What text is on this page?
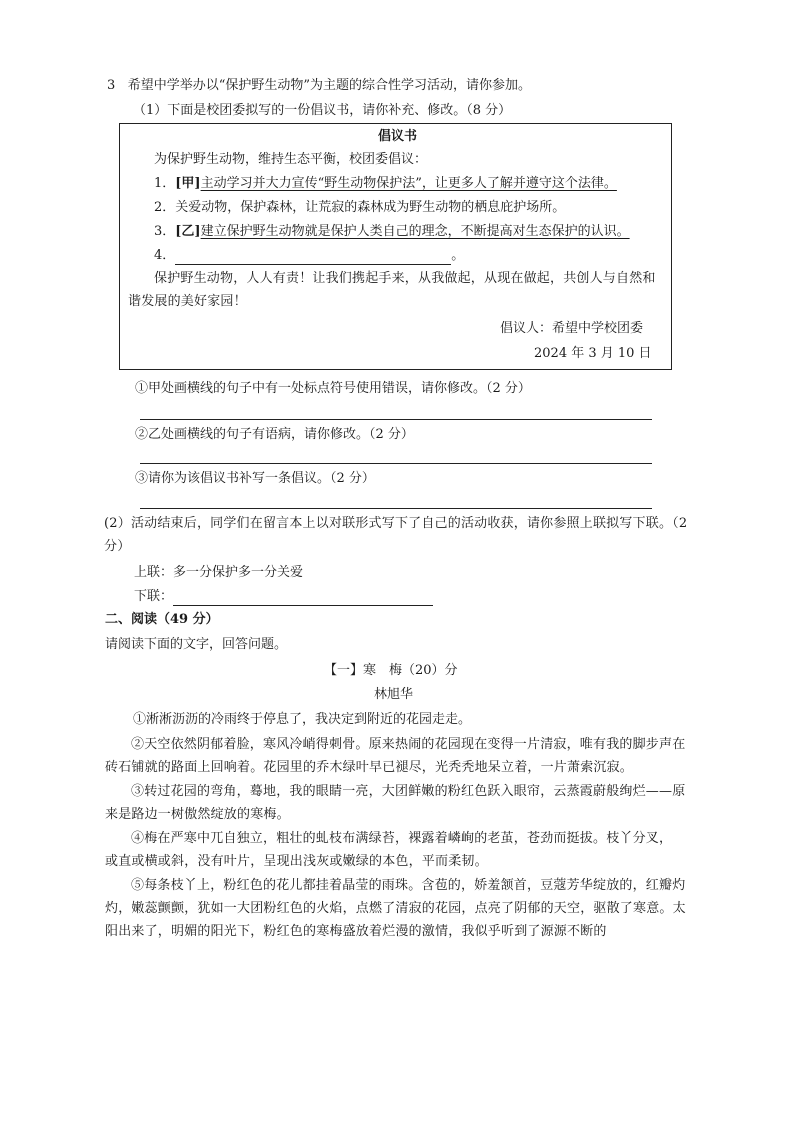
3 希望中学举办以“保护野生动物”为主题的综合性学习活动，请你参加。
（1）下面是校团委拟写的一份倡议书，请你补充、修改。（8 分）
倡议书
为保护野生动物，维持生态平衡，校团委倡议：
1．[甲]主动学习并大力宣传“野生动物保护法”，让更多人了解并遵守这个法律。
2．关爱动物，保护森林，让荒寂的森林成为野生动物的栖息庇护场所。
3．[乙]建立保护野生动物就是保护人类自己的理念，不断提高对生态保护的认识。
4．	。
保护野生动物，人人有责！让我们携起手来，从我做起，从现在做起，共创人与自然和谐发展的美好家园！
倡议人：希望中学校团委
2024 年 3 月 10 日
①甲处画横线的句子中有一处标点符号使用错误，请你修改。（2 分）
②乙处画横线的句子有语病，请你修改。（2 分）
③请你为该倡议书补写一条倡议。（2 分）
(2）活动结束后，同学们在留言本上以对联形式写下了自己的活动收获，请你参照上联拟写下联。（2 分）
上联：多一分保护多一分关爱
下联：
二、阅读（49 分）
请阅读下面的文字，回答问题。
【一】寒　梅（20）分
林旭华
①淅淅沥沥的冷雨终于停息了，我决定到附近的花园走走。
②天空依然阴郁着脸，寒风冷峭得刺骨。原来热闹的花园现在变得一片清寂，唯有我的脚步声在砖石铺就的路面上回响着。花园里的乔木绿叶早已褪尽，光秃秃地呆立着，一片萧索沉寂。
③转过花园的弯角，蓦地，我的眼睛一亮，大团鲜嫩的粉红色跃入眼帘，云蒸霞蔚般绚烂——原来是路边一树傲然绽放的寒梅。
④梅在严寒中兀自独立，粗壮的虬枝布满绿苔，裸露着嶙峋的老茧，苍劲而挺拔。枝丫分叉， 或直或横或斜，没有叶片，呈现出浅灰或嫩绿的本色，平而柔韧。
⑤每条枝丫上，粉红色的花儿都挂着晶莹的雨珠。含苞的，娇羞颔首，豆蔻芳华绽放的，红瓣灼灼，嫩蕊颤颤，犹如一大团粉红色的火焰，点燃了清寂的花园，点亮了阴郁的天空，驱散了寒意。太阳出来了，明媚的阳光下，粉红色的寒梅盛放着烂漫的激情，我似乎听到了源源不断的
